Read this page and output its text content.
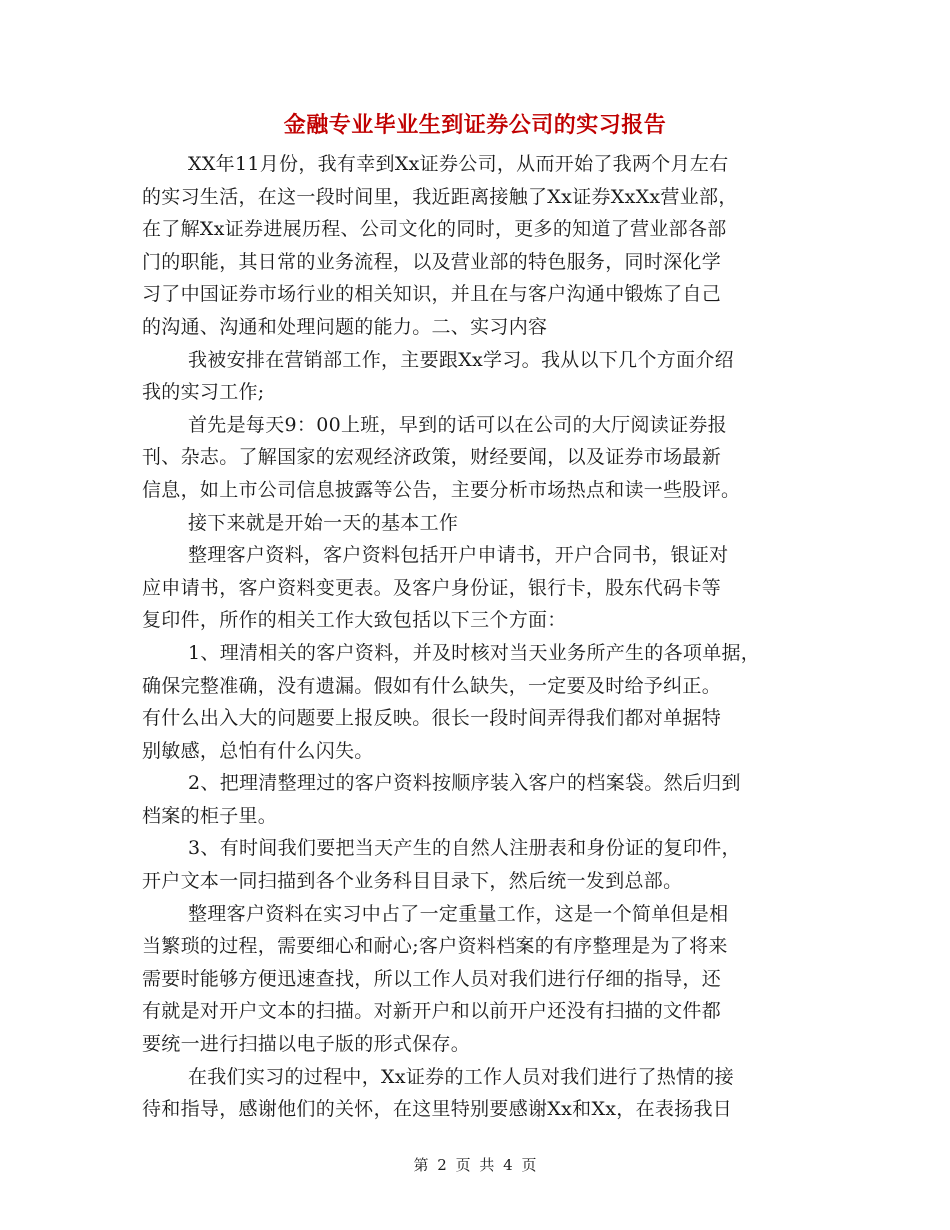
金融专业毕业生到证券公司的实习报告
XX年11月份，我有幸到Xx证券公司，从而开始了我两个月左右
的实习生活，在这一段时间里，我近距离接触了Xx证券XxXx营业部，
在了解Xx证券进展历程、公司文化的同时，更多的知道了营业部各部
门的职能，其日常的业务流程，以及营业部的特色服务，同时深化学
习了中国证券市场行业的相关知识，并且在与客户沟通中锻炼了自己
的沟通、沟通和处理问题的能力。二、实习内容
我被安排在营销部工作，主要跟Xx学习。我从以下几个方面介绍
我的实习工作;
首先是每天9：00上班，早到的话可以在公司的大厅阅读证券报
刊、杂志。了解国家的宏观经济政策，财经要闻，以及证券市场最新
信息，如上市公司信息披露等公告，主要分析市场热点和读一些股评。
接下来就是开始一天的基本工作
整理客户资料，客户资料包括开户申请书，开户合同书，银证对
应申请书，客户资料变更表。及客户身份证，银行卡，股东代码卡等
复印件，所作的相关工作大致包括以下三个方面：
1、理清相关的客户资料，并及时核对当天业务所产生的各项单据，
确保完整准确，没有遗漏。假如有什么缺失，一定要及时给予纠正。
有什么出入大的问题要上报反映。很长一段时间弄得我们都对单据特
别敏感，总怕有什么闪失。
2、把理清整理过的客户资料按顺序装入客户的档案袋。然后归到
档案的柜子里。
3、有时间我们要把当天产生的自然人注册表和身份证的复印件，
开户文本一同扫描到各个业务科目目录下，然后统一发到总部。
整理客户资料在实习中占了一定重量工作，这是一个简单但是相
当繁琐的过程，需要细心和耐心;客户资料档案的有序整理是为了将来
需要时能够方便迅速查找，所以工作人员对我们进行仔细的指导，还
有就是对开户文本的扫描。对新开户和以前开户还没有扫描的文件都
要统一进行扫描以电子版的形式保存。
在我们实习的过程中，Xx证券的工作人员对我们进行了热情的接
待和指导，感谢他们的关怀，在这里特别要感谢Xx和Xx，在表扬我日
第 2 页 共 4 页
